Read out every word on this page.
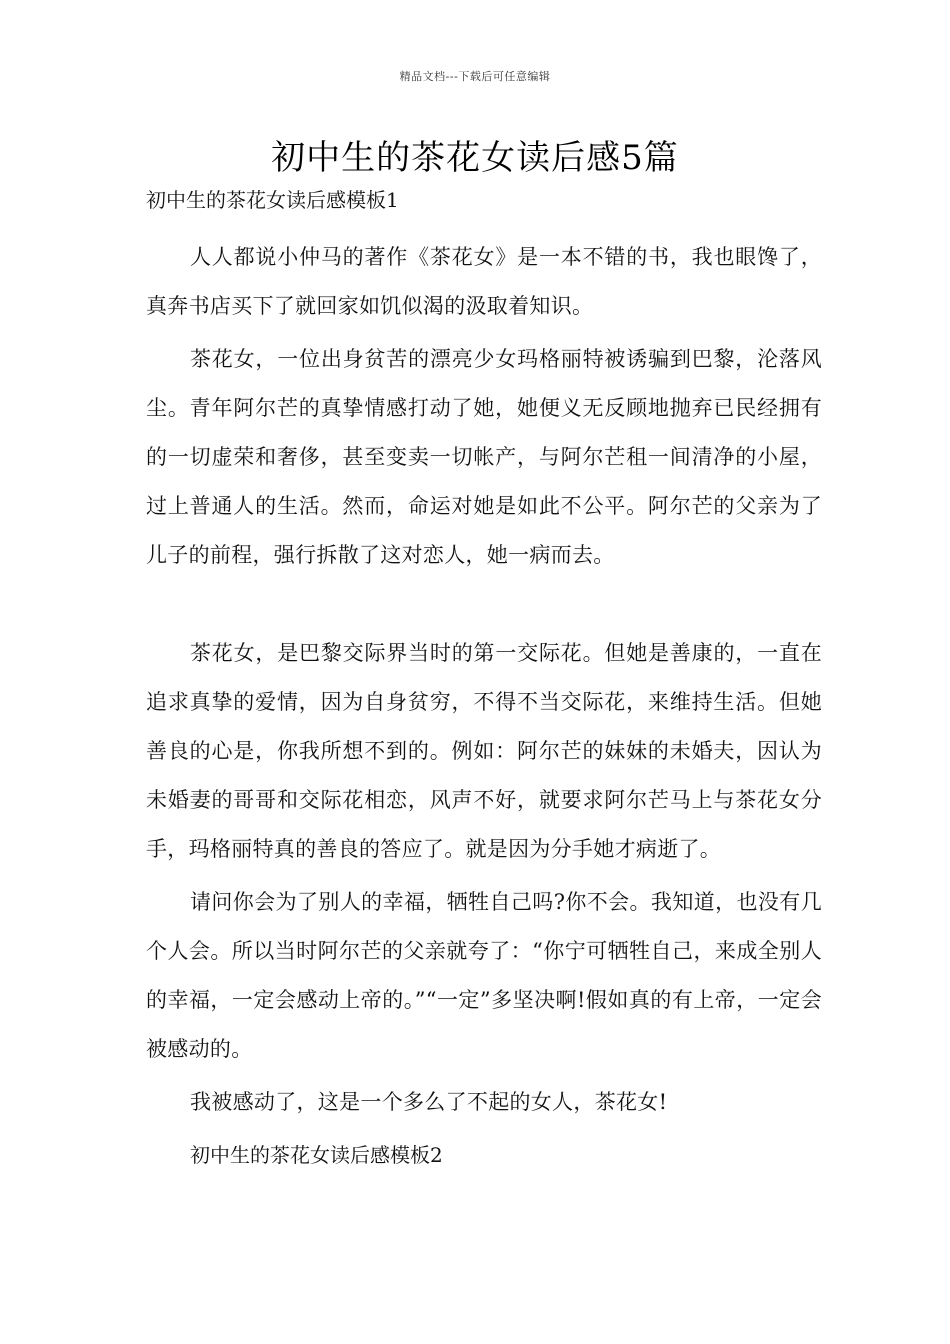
精品文档---下载后可任意编辑
初中生的茶花女读后感5篇

初中生的茶花女读后感模板1

人人都说小仲马的著作《茶花女》是一本不错的书，我也眼馋了，真奔书店买下了就回家如饥似渴的汲取着知识。

茶花女，一位出身贫苦的漂亮少女玛格丽特被诱骗到巴黎，沦落风尘。青年阿尔芒的真挚情感打动了她，她便义无反顾地抛弃已民经拥有的一切虚荣和奢侈，甚至变卖一切帐产，与阿尔芒租一间清净的小屋，过上普通人的生活。然而，命运对她是如此不公平。阿尔芒的父亲为了儿子的前程，强行拆散了这对恋人，她一病而去。

茶花女，是巴黎交际界当时的第一交际花。但她是善康的，一直在追求真挚的爱情，因为自身贫穷，不得不当交际花，来维持生活。但她善良的心是，你我所想不到的。例如：阿尔芒的妹妹的未婚夫，因认为未婚妻的哥哥和交际花相恋，风声不好，就要求阿尔芒马上与茶花女分手，玛格丽特真的善良的答应了。就是因为分手她才病逝了。

请问你会为了别人的幸福，牺牲自己吗?你不会。我知道，也没有几个人会。所以当时阿尔芒的父亲就夸了：“你宁可牺牲自己，来成全别人的幸福，一定会感动上帝的。”“一定”多坚决啊!假如真的有上帝，一定会被感动的。

我被感动了，这是一个多么了不起的女人，茶花女!

初中生的茶花女读后感模板2
